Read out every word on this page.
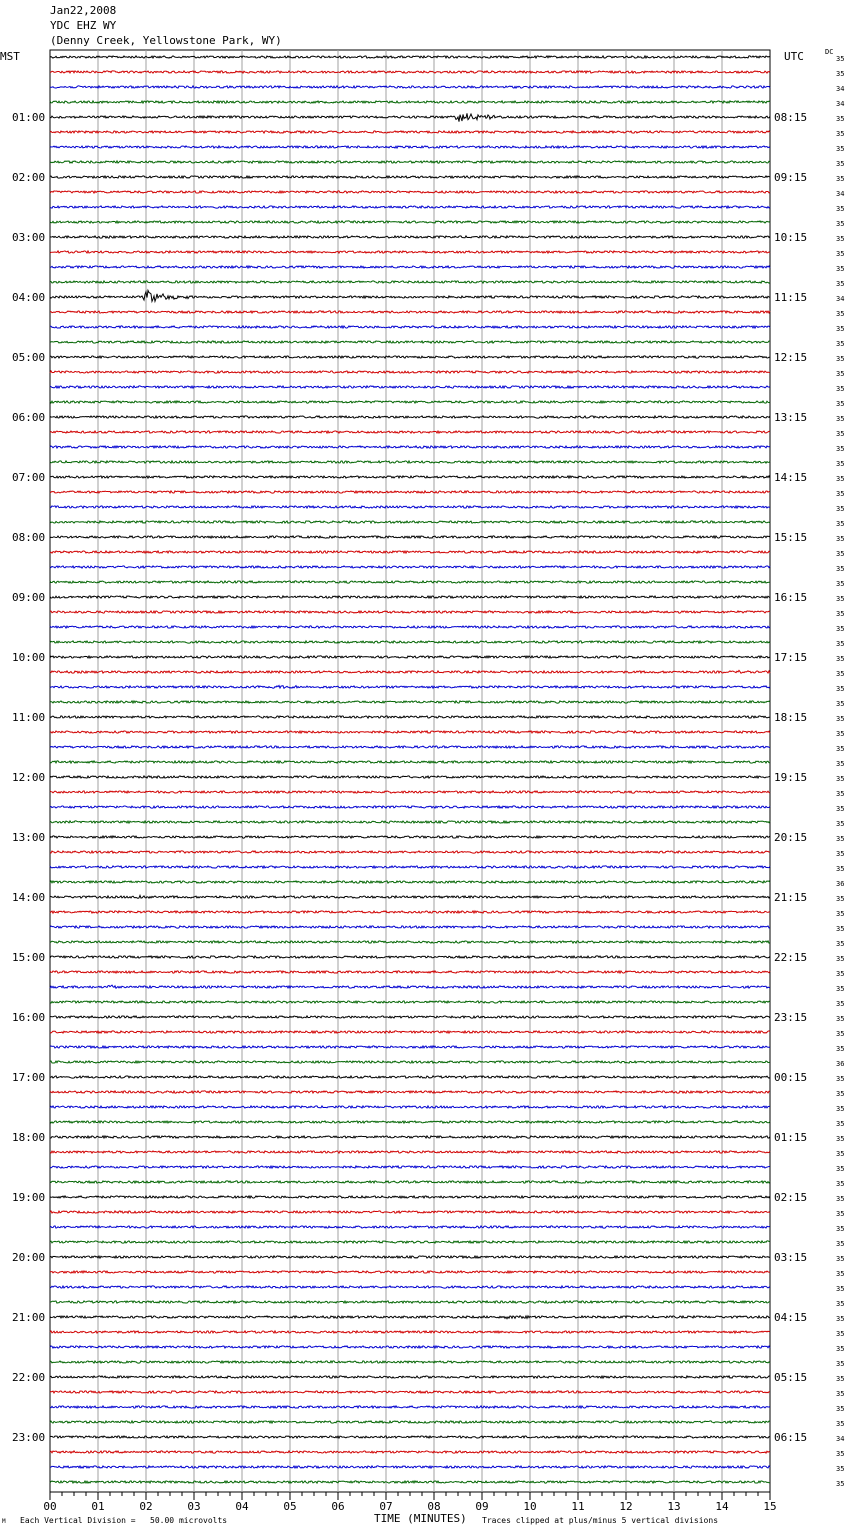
Jan22,2008
YDC EHZ WY
(Denny Creek, Yellowstone Park, WY)
MST	UTC	DC
00	01	02	03	04	05	06	07	08	09	10	11	12	13	14	15
35
35
34
34
35
35
35
35
35
34
35
35
35
35
35
35
34
35
35
35
35
35
35
35
35
35
35
35
35
35
35
35
35
35
35
35
35
35
35
35
35
35
35
35
35
35
35
35
35
35
35
35
35
35
35
36
35
35
35
35
35
35
35
35
35
35
35
36
35
35
35
35
35
35
35
35
35
35
35
35
35
35
35
35
35
35
35
35
35
35
35
35
34
35
35
35
01:00	08:15
02:00	09:15
03:00	10:15
04:00	11:15
05:00	12:15
06:00	13:15
07:00	14:15
08:00	15:15
09:00	16:15
10:00	17:15
11:00	18:15
12:00	19:15
13:00	20:15
14:00	21:15
15:00	22:15
16:00	23:15
17:00	00:15
18:00	01:15
19:00	02:15
20:00	03:15
21:00	04:15
22:00	05:15
23:00	06:15
TIME (MINUTES)
M Each Vertical Division =   50.00 microvolts	Traces clipped at plus/minus 5 vertical divisions
